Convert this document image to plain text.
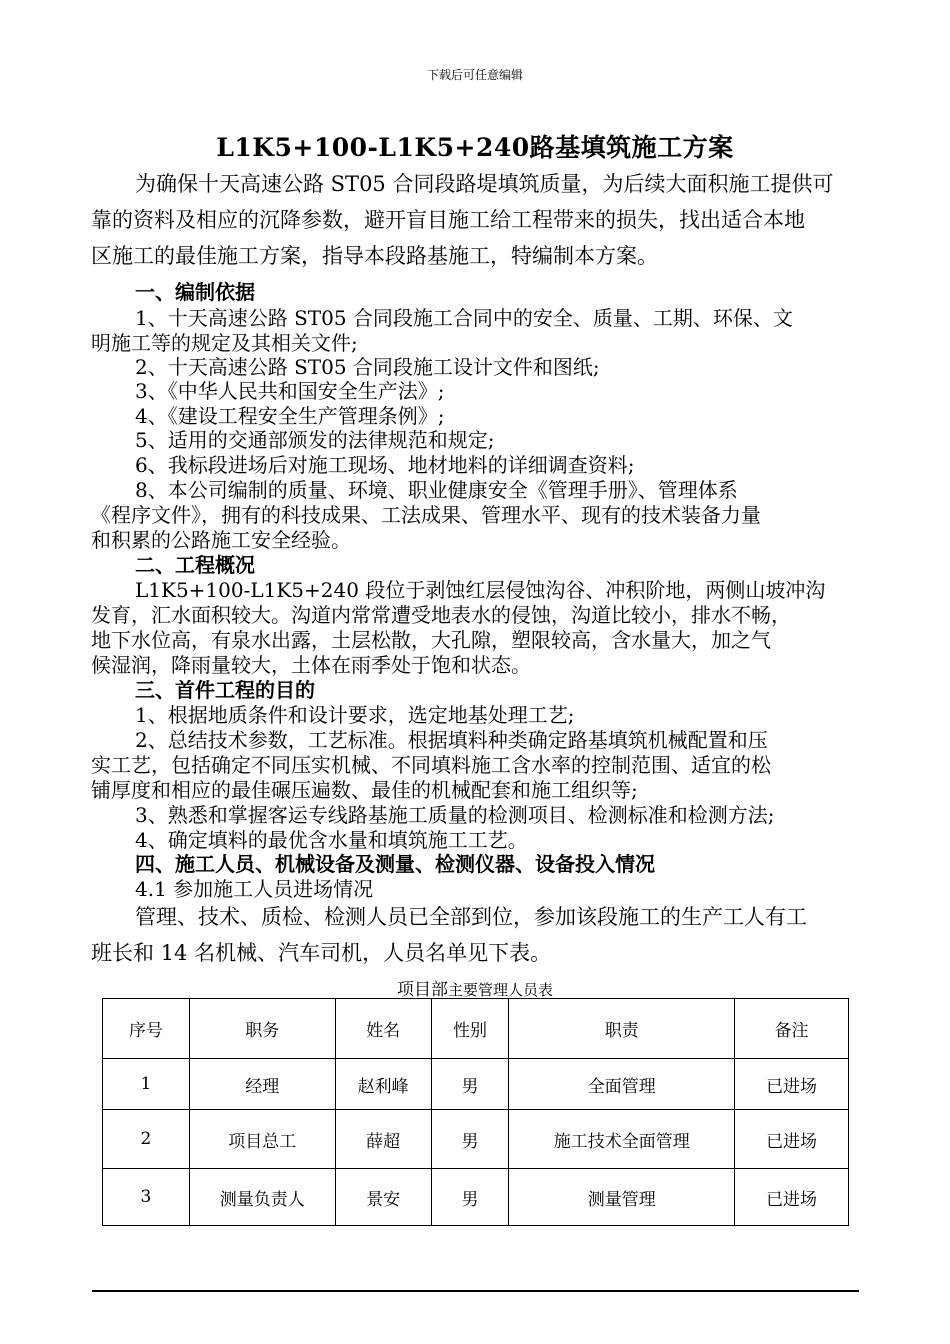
下载后可任意编辑
L1K5+100-L1K5+240路基填筑施工方案
为确保十天高速公路 ST05 合同段路堤填筑质量，为后续大面积施工提供可
靠的资料及相应的沉降参数，避开盲目施工给工程带来的损失，找出适合本地
区施工的最佳施工方案，指导本段路基施工，特编制本方案。
一、编制依据
1、十天高速公路 ST05 合同段施工合同中的安全、质量、工期、环保、文
明施工等的规定及其相关文件;
2、十天高速公路 ST05 合同段施工设计文件和图纸;
3、《中华人民共和国安全生产法》;
4、《建设工程安全生产管理条例》;
5、适用的交通部颁发的法律规范和规定;
6、我标段进场后对施工现场、地材地料的详细调查资料;
8、本公司编制的质量、环境、职业健康安全《管理手册》、管理体系
《程序文件》，拥有的科技成果、工法成果、管理水平、现有的技术装备力量
和积累的公路施工安全经验。
二、工程概况
L1K5+100-L1K5+240 段位于剥蚀红层侵蚀沟谷、冲积阶地，两侧山坡冲沟
发育，汇水面积较大。沟道内常常遭受地表水的侵蚀，沟道比较小，排水不畅，
地下水位高，有泉水出露，土层松散，大孔隙，塑限较高，含水量大，加之气
候湿润，降雨量较大，土体在雨季处于饱和状态。
三、首件工程的目的
1、根据地质条件和设计要求，选定地基处理工艺;
2、总结技术参数，工艺标准。根据填料种类确定路基填筑机械配置和压
实工艺，包括确定不同压实机械、不同填料施工含水率的控制范围、适宜的松
铺厚度和相应的最佳碾压遍数、最佳的机械配套和施工组织等;
3、熟悉和掌握客运专线路基施工质量的检测项目、检测标准和检测方法;
4、确定填料的最优含水量和填筑施工工艺。
四、施工人员、机械设备及测量、检测仪器、设备投入情况
4.1 参加施工人员进场情况
管理、技术、质检、检测人员已全部到位，参加该段施工的生产工人有工
班长和 14 名机械、汽车司机，人员名单见下表。
项目部主要管理人员表
序号	职务	姓名	性别	职责	备注
1	经理	赵利峰	男	全面管理	已进场
2	项目总工	薛超	男	施工技术全面管理	已进场
3	测量负责人	景安	男	测量管理	已进场
